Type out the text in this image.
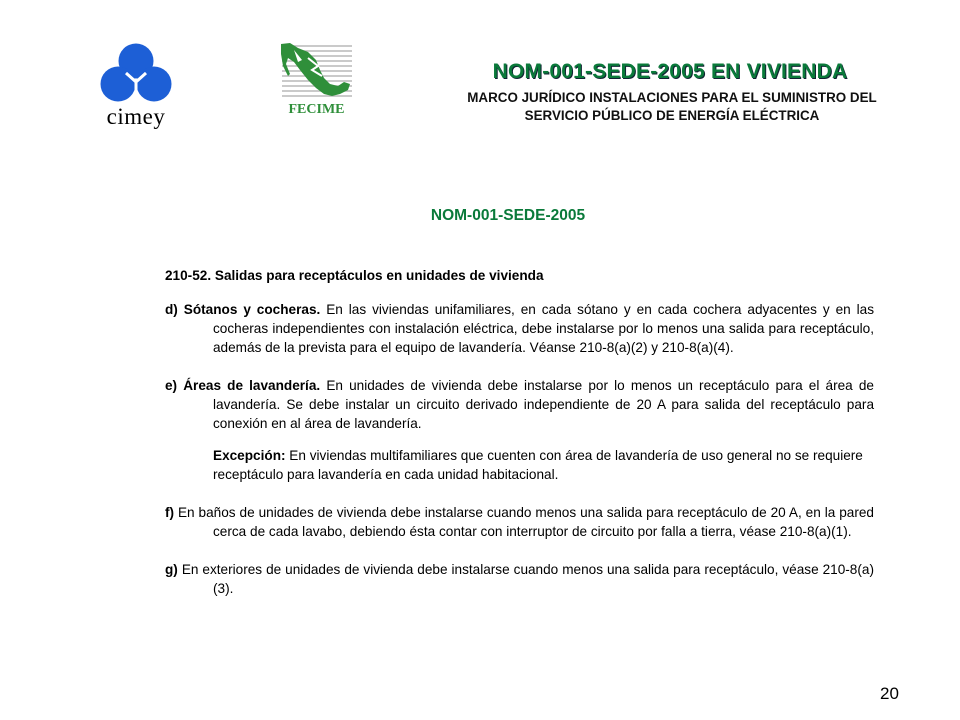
cimey	FECIME
NOM-001-SEDE-2005 EN VIVIENDA
MARCO JURÍDICO INSTALACIONES PARA EL SUMINISTRO DEL
SERVICIO PÚBLICO DE ENERGÍA ELÉCTRICA
NOM-001-SEDE-2005
210-52. Salidas para receptáculos en unidades de vivienda
d) Sótanos y cocheras. En las viviendas unifamiliares, en cada sótano y en cada cochera adyacentes y en las cocheras independientes con instalación eléctrica, debe instalarse por lo menos una salida para receptáculo, además de la prevista para el equipo de lavandería. Véanse 210-8(a)(2) y 210-8(a)(4).
e) Áreas de lavandería. En unidades de vivienda debe instalarse por lo menos un receptáculo para el área de lavandería. Se debe instalar un circuito derivado independiente de 20 A para salida del receptáculo para conexión en al área de lavandería.
Excepción: En viviendas multifamiliares que cuenten con área de lavandería de uso general no se requiere receptáculo para lavandería en cada unidad habitacional.
f) En baños de unidades de vivienda debe instalarse cuando menos una salida para receptáculo de 20 A, en la pared cerca de cada lavabo, debiendo ésta contar con interruptor de circuito por falla a tierra, véase 210-8(a)(1).
g) En exteriores de unidades de vivienda debe instalarse cuando menos una salida para receptáculo, véase 210-8(a)(3).
20
